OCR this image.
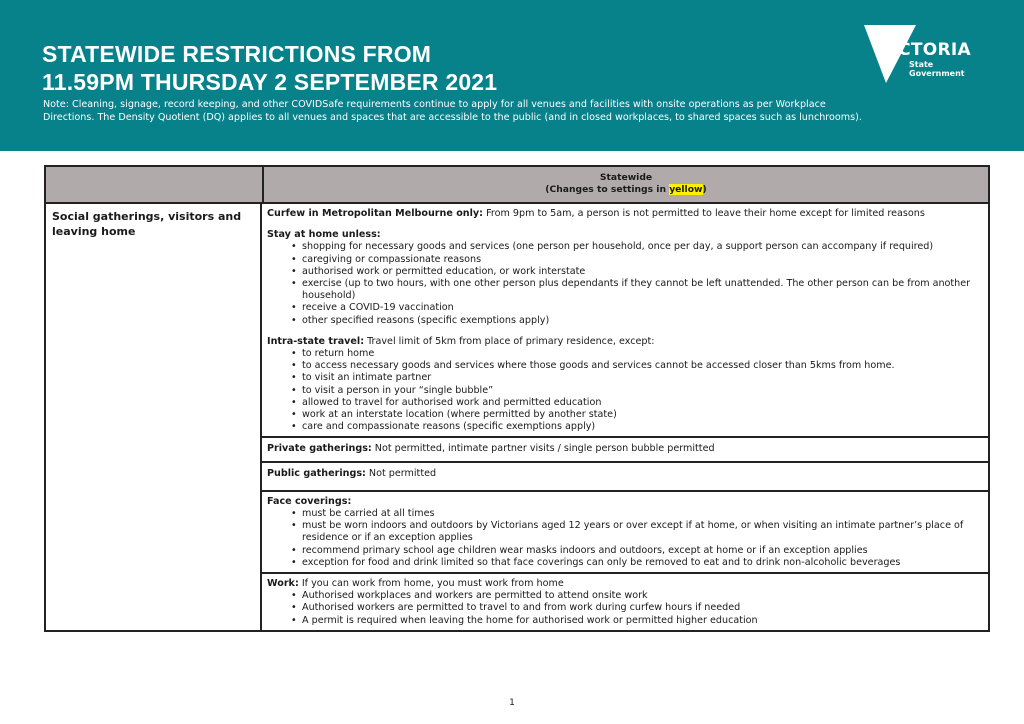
STATEWIDE RESTRICTIONS FROM
11.59PM THURSDAY 2 SEPTEMBER 2021
Note: Cleaning, signage, record keeping, and other COVIDSafe requirements continue to apply for all venues and facilities with onsite operations as per Workplace Directions. The Density Quotient (DQ) applies to all venues and spaces that are accessible to the public (and in closed workplaces, to shared spaces such as lunchrooms).
VICTORIA
State
Government
Statewide
(Changes to settings in yellow)
Social gatherings, visitors and leaving home
Curfew in Metropolitan Melbourne only: From 9pm to 5am, a person is not permitted to leave their home except for limited reasons
Stay at home unless:
• shopping for necessary goods and services (one person per household, once per day, a support person can accompany if required)
• caregiving or compassionate reasons
• authorised work or permitted education, or work interstate
• exercise (up to two hours, with one other person plus dependants if they cannot be left unattended. The other person can be from another household)
• receive a COVID-19 vaccination
• other specified reasons (specific exemptions apply)
Intra-state travel: Travel limit of 5km from place of primary residence, except:
• to return home
• to access necessary goods and services where those goods and services cannot be accessed closer than 5kms from home.
• to visit an intimate partner
• to visit a person in your “single bubble”
• allowed to travel for authorised work and permitted education
• work at an interstate location (where permitted by another state)
• care and compassionate reasons (specific exemptions apply)
Private gatherings: Not permitted, intimate partner visits / single person bubble permitted
Public gatherings: Not permitted
Face coverings:
• must be carried at all times
• must be worn indoors and outdoors by Victorians aged 12 years or over except if at home, or when visiting an intimate partner’s place of residence or if an exception applies
• recommend primary school age children wear masks indoors and outdoors, except at home or if an exception applies
• exception for food and drink limited so that face coverings can only be removed to eat and to drink non-alcoholic beverages
Work: If you can work from home, you must work from home
• Authorised workplaces and workers are permitted to attend onsite work
• Authorised workers are permitted to travel to and from work during curfew hours if needed
• A permit is required when leaving the home for authorised work or permitted higher education
1
